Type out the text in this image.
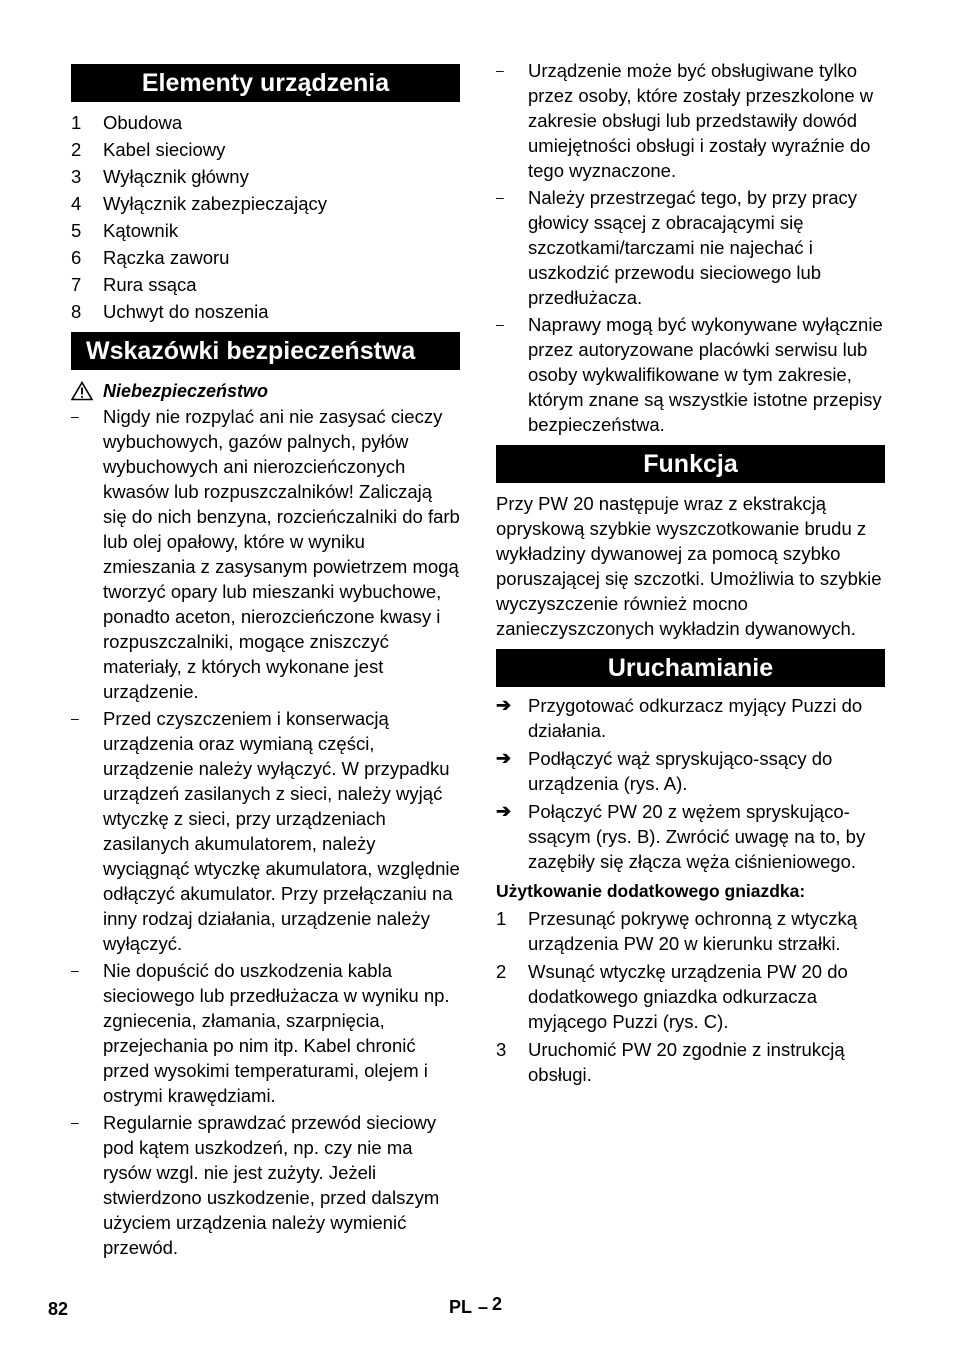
Elementy urządzenia
1 Obudowa
2 Kabel sieciowy
3 Wyłącznik główny
4 Wyłącznik zabezpieczający
5 Kątownik
6 Rączka zaworu
7 Rura ssąca
8 Uchwyt do noszenia
Wskazówki bezpieczeństwa
Niebezpieczeństwo
– Nigdy nie rozpylać ani nie zasysać cieczy wybuchowych, gazów palnych, pyłów wybuchowych ani nierozcieńczonych kwasów lub rozpuszczalników! Zaliczają się do nich benzyna, rozcieńczalniki do farb lub olej opałowy, które w wyniku zmieszania z zasysanym powietrzem mogą tworzyć opary lub mieszanki wybuchowe, ponadto aceton, nierozcieńczone kwasy i rozpuszczalniki, mogące zniszczyć materiały, z których wykonane jest urządzenie.
– Przed czyszczeniem i konserwacją urządzenia oraz wymianą części, urządzenie należy wyłączyć. W przypadku urządzeń zasilanych z sieci, należy wyjąć wtyczkę z sieci, przy urządzeniach zasilanych akumulatorem, należy wyciągnąć wtyczkę akumulatora, względnie odłączyć akumulator. Przy przełączaniu na inny rodzaj działania, urządzenie należy wyłączyć.
– Nie dopuścić do uszkodzenia kabla sieciowego lub przedłużacza w wyniku np. zgniecenia, złamania, szarpnięcia, przejechania po nim itp. Kabel chronić przed wysokimi temperaturami, olejem i ostrymi krawędziami.
– Regularnie sprawdzać przewód sieciowy pod kątem uszkodzeń, np. czy nie ma rysów wzgl. nie jest zużyty. Jeżeli stwierdzono uszkodzenie, przed dalszym użyciem urządzenia należy wymienić przewód.
– Urządzenie może być obsługiwane tylko przez osoby, które zostały przeszkolone w zakresie obsługi lub przedstawiły dowód umiejętności obsługi i zostały wyraźnie do tego wyznaczone.
– Należy przestrzegać tego, by przy pracy głowicy ssącej z obracającymi się szczotkami/tarczami nie najechać i uszkodzić przewodu sieciowego lub przedłużacza.
– Naprawy mogą być wykonywane wyłącznie przez autoryzowane placówki serwisu lub osoby wykwalifikowane w tym zakresie, którym znane są wszystkie istotne przepisy bezpieczeństwa.
Funkcja

Przy PW 20 następuje wraz z ekstrakcją opryskową szybkie wyszczotkowanie brudu z wykładziny dywanowej za pomocą szybko poruszającej się szczotki. Umożliwia to szybkie wyczyszczenie również mocno zanieczyszczonych wykładzin dywanowych.

Uruchamianie
➔ Przygotować odkurzacz myjący Puzzi do działania.
➔ Podłączyć wąż spryskująco-ssący do urządzenia (rys. A).
➔ Połączyć PW 20 z wężem spryskująco-ssącym (rys. B). Zwrócić uwagę na to, by zazębiły się złącza węża ciśnieniowego.
Użytkowanie dodatkowego gniazdka:
1 Przesunąć pokrywę ochronną z wtyczką urządzenia PW 20 w kierunku strzałki.
2 Wsunąć wtyczkę urządzenia PW 20 do dodatkowego gniazdka odkurzacza myjącego Puzzi (rys. C).
3 Uruchomić PW 20 zgodnie z instrukcją obsługi.
82	PL – 2
